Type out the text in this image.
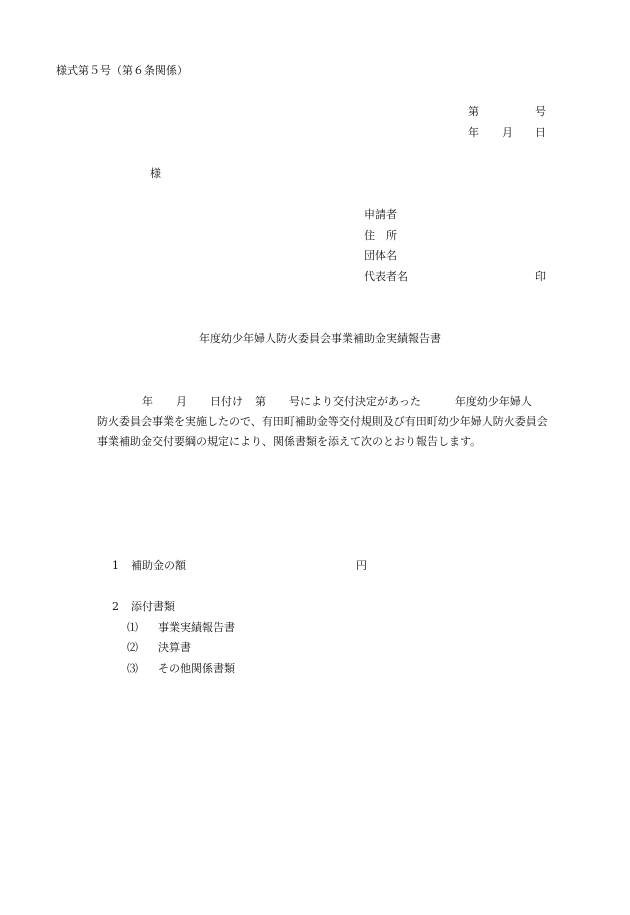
様式第５号（第６条関係）
第	号
年 月 日
様
申請者
住　所
団体名
代表者名	印
年度幼少年婦人防火委員会事業補助金実績報告書
年 月 日付け 第 号により交付決定があった	年度幼少年婦人
防火委員会事業を実施したので、有田町補助金等交付規則及び有田町幼少年婦人防火委員会
事業補助金交付要綱の規定により、関係書類を添えて次のとおり報告します。
1 補助金の額	円
2 添付書類
⑴ 事業実績報告書
⑵ 決算書
⑶ その他関係書類
